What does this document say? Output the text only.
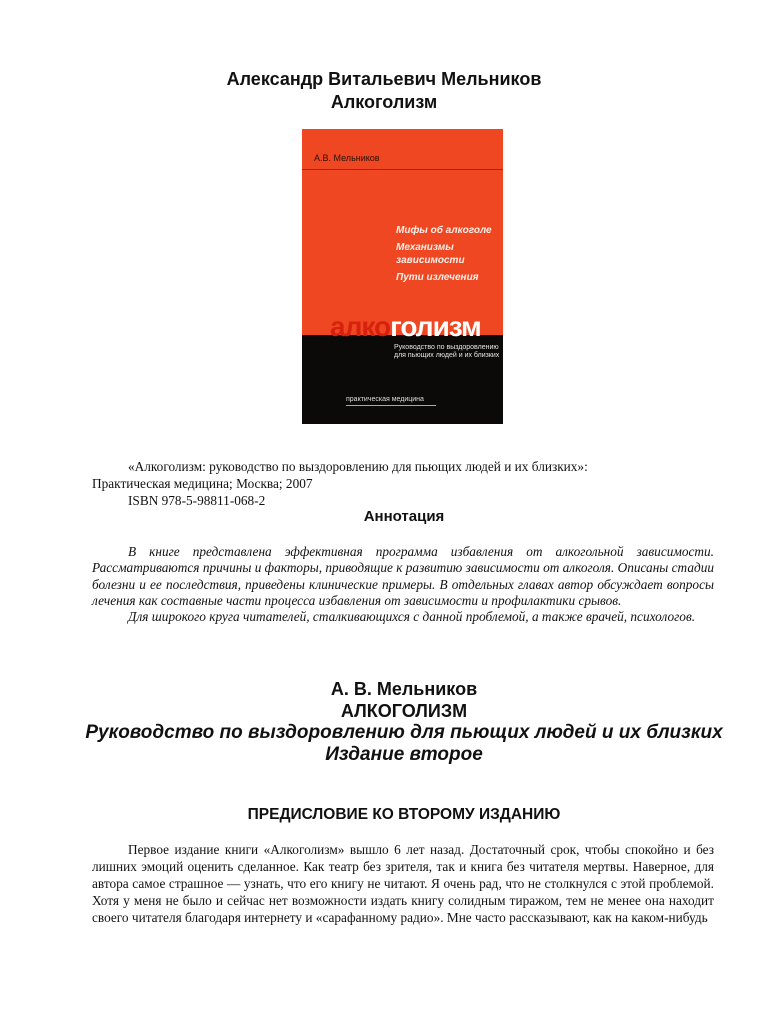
Александр Витальевич Мельников
Алкоголизм
А.В. Мельников
Мифы об алкоголе
Механизмы зависимости
Пути излечения
алкоголизм
Руководство по выздоровлению для пьющих людей и их близких
практическая медицина
«Алкоголизм: руководство по выздоровлению для пьющих людей и их близких»:
Практическая медицина; Москва; 2007
ISBN 978-5-98811-068-2
Аннотация

В книге представлена эффективная программа избавления от алкогольной зависимости. Рассматриваются причины и факторы, приводящие к развитию зависимости от алкоголя. Описаны стадии болезни и ее последствия, приведены клинические примеры. В отдельных главах автор обсуждает вопросы лечения как составные части процесса избавления от зависимости и профилактики срывов.

Для широкого круга читателей, сталкивающихся с данной проблемой, а также врачей, психологов.

А. В. Мельников
АЛКОГОЛИЗМ
Руководство по выздоровлению для пьющих людей и их близких
Издание второе
ПРЕДИСЛОВИЕ КО ВТОРОМУ ИЗДАНИЮ

Первое издание книги «Алкоголизм» вышло 6 лет назад. Достаточный срок, чтобы спокойно и без лишних эмоций оценить сделанное. Как театр без зрителя, так и книга без читателя мертвы. Наверное, для автора самое страшное — узнать, что его книгу не читают. Я очень рад, что не столкнулся с этой проблемой. Хотя у меня не было и сейчас нет возможности издать книгу солидным тиражом, тем не менее она находит своего читателя благодаря интернету и «сарафанному радио». Мне часто рассказывают, как на каком-нибудь
